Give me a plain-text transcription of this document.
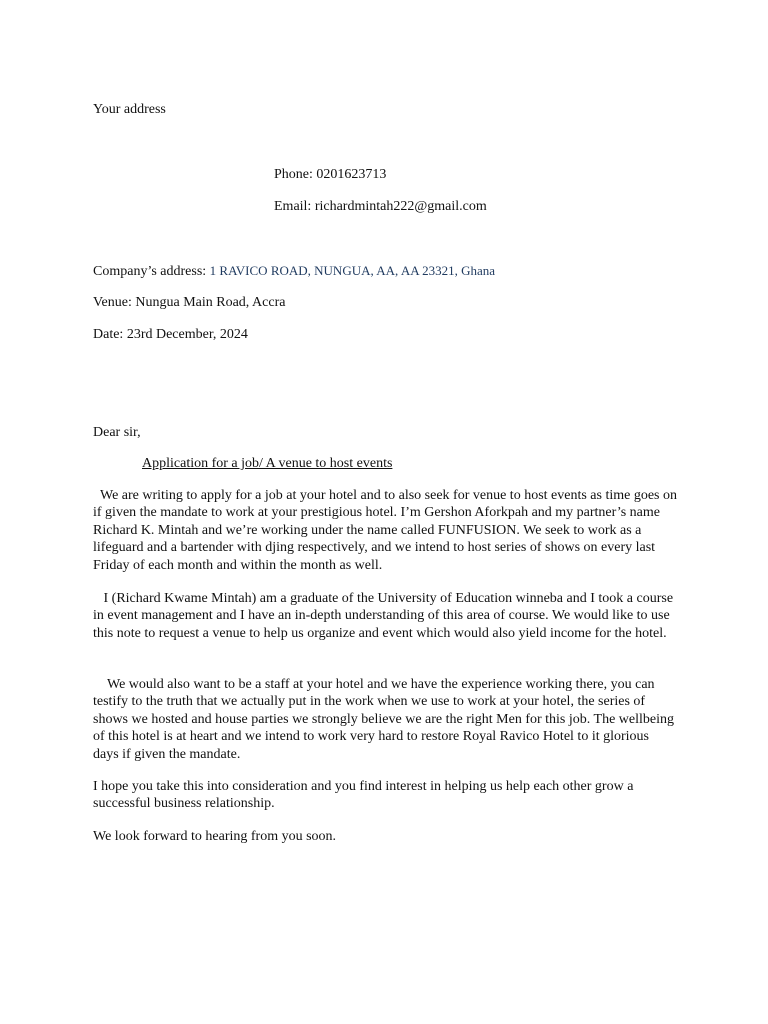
Your address
Phone: 0201623713
Email: richardmintah222@gmail.com
Company’s address: 1 RAVICO ROAD, NUNGUA, AA, AA 23321, Ghana
Venue: Nungua Main Road, Accra
Date: 23rd December, 2024
Dear sir,
Application for a job/ A venue to host events

We are writing to apply for a job at your hotel and to also seek for venue to host events as time goes on if given the mandate to work at your prestigious hotel. I’m Gershon Aforkpah and my partner’s name Richard K. Mintah and we’re working under the name called FUNFUSION. We seek to work as a lifeguard and a bartender with djing respectively, and we intend to host series of shows on every last Friday of each month and within the month as well.

I (Richard Kwame Mintah) am a graduate of the University of Education winneba and I took a course in event management and I have an in-depth understanding of this area of course. We would like to use this note to request a venue to help us organize and event which would also yield income for the hotel.

We would also want to be a staff at your hotel and we have the experience working there, you can testify to the truth that we actually put in the work when we use to work at your hotel, the series of shows we hosted and house parties we strongly believe we are the right Men for this job. The wellbeing of this hotel is at heart and we intend to work very hard to restore Royal Ravico Hotel to it glorious days if given the mandate.

I hope you take this into consideration and you find interest in helping us help each other grow a successful business relationship.

We look forward to hearing from you soon.
